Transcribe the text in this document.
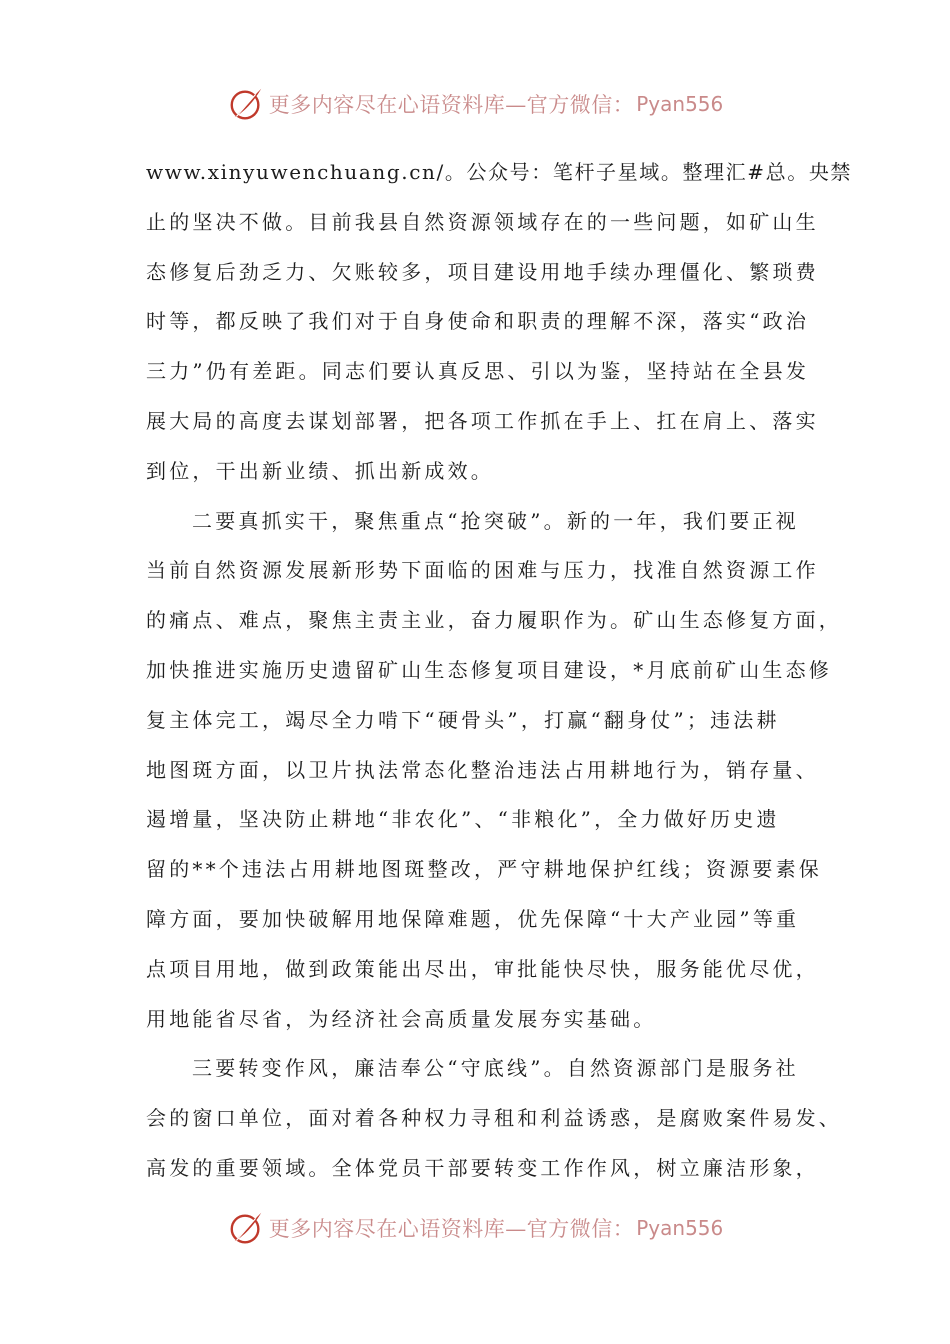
更多内容尽在心语资料库—官方微信： Pyan556
www.xinyuwenchuang.cn/。公众号：笔杆子星域。整理汇#总。央禁
止的坚决不做。目前我县自然资源领域存在的一些问题，如矿山生
态修复后劲乏力、欠账较多，项目建设用地手续办理僵化、繁琐费
时等，都反映了我们对于自身使命和职责的理解不深，落实“政治
三力”仍有差距。同志们要认真反思、引以为鉴，坚持站在全县发
展大局的高度去谋划部署，把各项工作抓在手上、扛在肩上、落实
到位，干出新业绩、抓出新成效。
二要真抓实干，聚焦重点“抢突破”。新的一年，我们要正视
当前自然资源发展新形势下面临的困难与压力，找准自然资源工作
的痛点、难点，聚焦主责主业，奋力履职作为。矿山生态修复方面，
加快推进实施历史遗留矿山生态修复项目建设，*月底前矿山生态修
复主体完工，竭尽全力啃下“硬骨头”，打赢“翻身仗”；违法耕
地图斑方面，以卫片执法常态化整治违法占用耕地行为，销存量、
遏增量，坚决防止耕地“非农化”、“非粮化”，全力做好历史遗
留的**个违法占用耕地图斑整改，严守耕地保护红线；资源要素保
障方面，要加快破解用地保障难题，优先保障“十大产业园”等重
点项目用地，做到政策能出尽出，审批能快尽快，服务能优尽优，
用地能省尽省，为经济社会高质量发展夯实基础。
三要转变作风，廉洁奉公“守底线”。自然资源部门是服务社
会的窗口单位，面对着各种权力寻租和利益诱惑，是腐败案件易发、
高发的重要领域。全体党员干部要转变工作作风，树立廉洁形象，
更多内容尽在心语资料库—官方微信： Pyan556
